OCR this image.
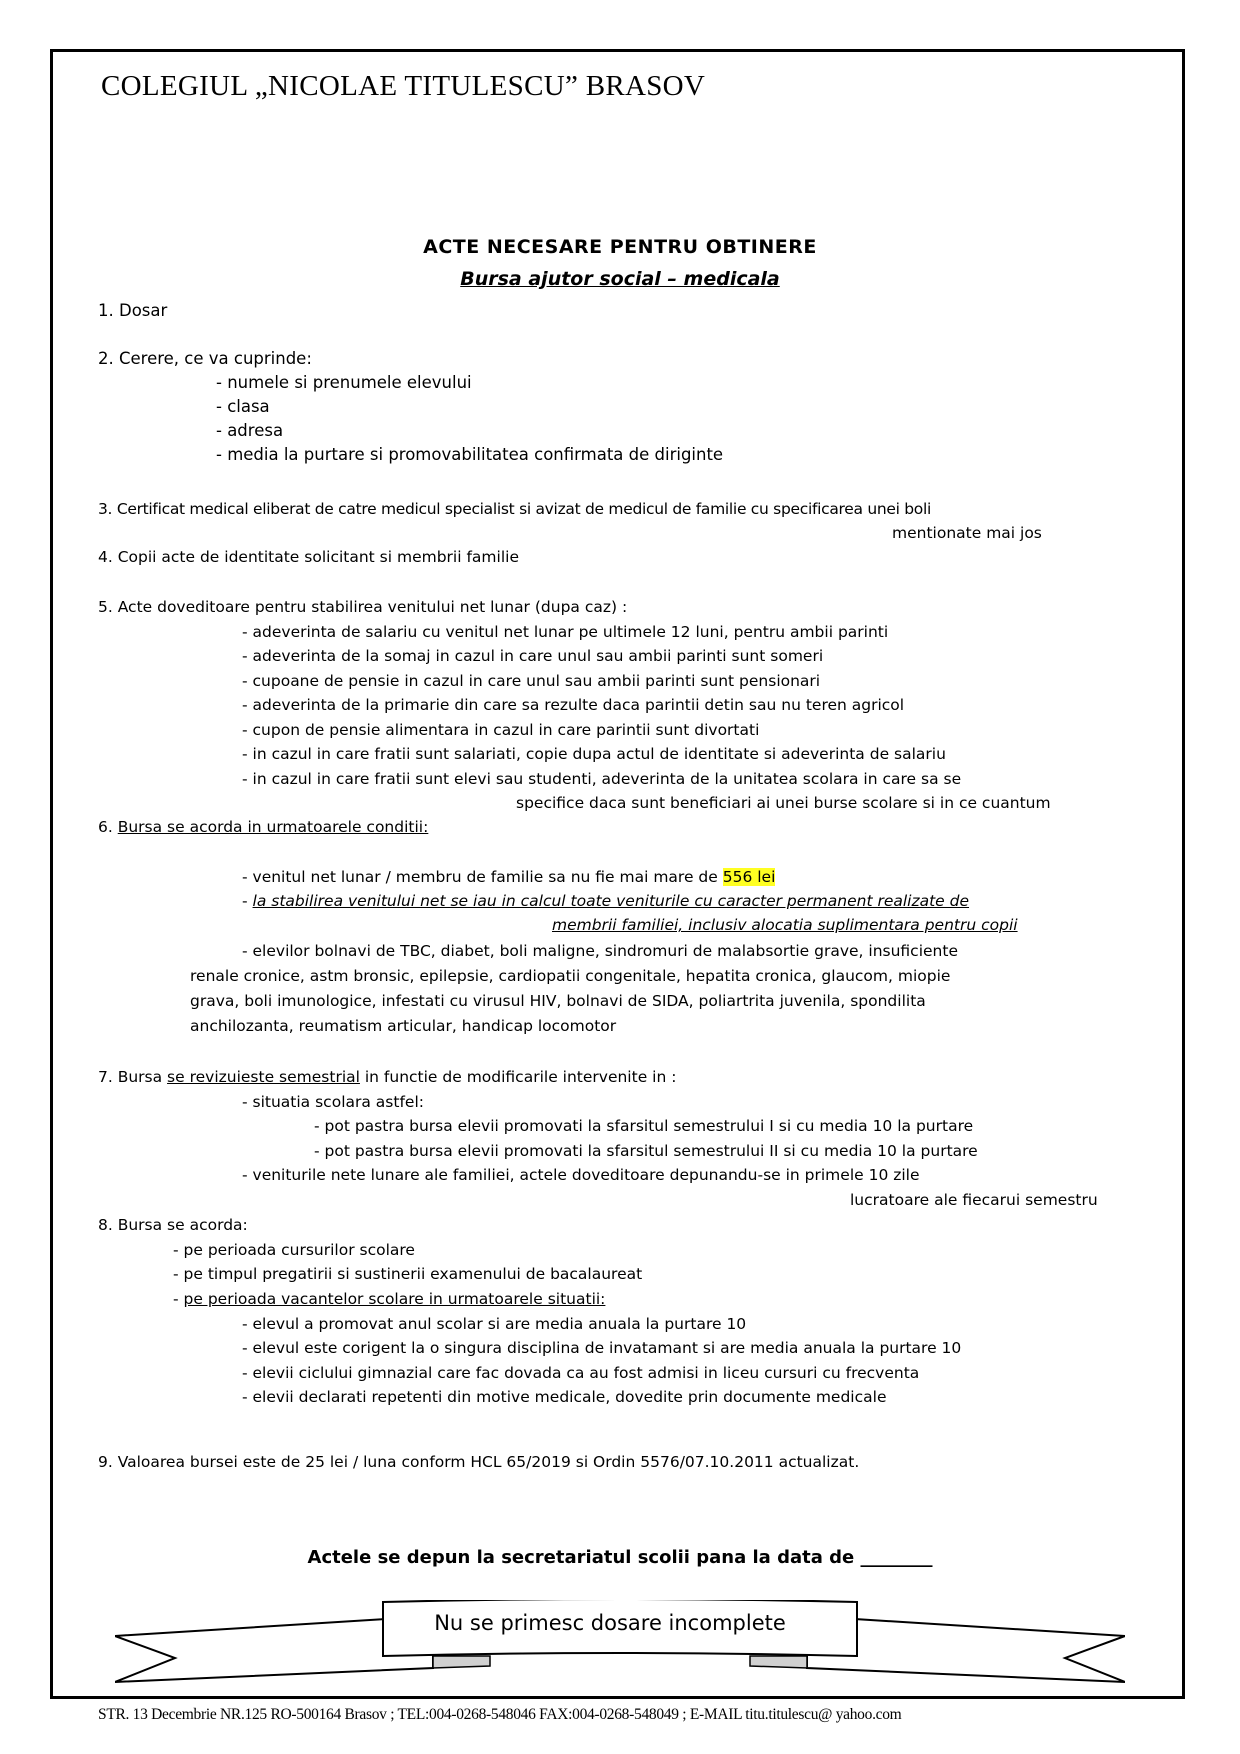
COLEGIUL „NICOLAE TITULESCU” BRASOV
ACTE NECESARE PENTRU OBTINERE
Bursa ajutor social – medicala
1. Dosar
2. Cerere, ce va cuprinde:
- numele si prenumele elevului
- clasa
- adresa
- media la purtare si promovabilitatea confirmata de diriginte
3. Certificat medical eliberat de catre medicul specialist si avizat de medicul de familie cu specificarea unei boli
mentionate mai jos
4. Copii acte de identitate solicitant si membrii familie
5. Acte doveditoare pentru stabilirea venitului net lunar (dupa caz) :
- adeverinta de salariu cu venitul net lunar pe ultimele 12 luni, pentru ambii parinti
- adeverinta de la somaj in cazul in care unul sau ambii parinti sunt someri
- cupoane de pensie in cazul in care unul sau ambii parinti sunt pensionari
- adeverinta de la primarie din care sa rezulte daca parintii detin sau nu teren agricol
- cupon de pensie alimentara in cazul in care parintii sunt divortati
- in cazul in care fratii sunt salariati, copie dupa actul de identitate si adeverinta de salariu
- in cazul in care fratii sunt elevi sau studenti, adeverinta de la unitatea scolara in care sa se
specifice daca sunt beneficiari ai unei burse scolare si in ce cuantum
6. Bursa se acorda in urmatoarele conditii:
- venitul net lunar / membru de familie sa nu fie mai mare de 556 lei
- la stabilirea venitului net se iau in calcul toate veniturile cu caracter permanent realizate de
membrii familiei, inclusiv alocatia suplimentara pentru copii
- elevilor bolnavi de TBC, diabet, boli maligne, sindromuri de malabsortie grave, insuficiente
renale cronice, astm bronsic, epilepsie, cardiopatii congenitale, hepatita cronica, glaucom, miopie
grava, boli imunologice, infestati cu virusul HIV, bolnavi de SIDA, poliartrita juvenila, spondilita
anchilozanta, reumatism articular, handicap locomotor
7. Bursa se revizuieste semestrial in functie de modificarile intervenite in :
- situatia scolara astfel:
- pot pastra bursa elevii promovati la sfarsitul semestrului I si cu media 10 la purtare
- pot pastra bursa elevii promovati la sfarsitul semestrului II si cu media 10 la purtare
- veniturile nete lunare ale familiei, actele doveditoare depunandu-se in primele 10 zile
lucratoare ale fiecarui semestru
8. Bursa se acorda:
- pe perioada cursurilor scolare
- pe timpul pregatirii si sustinerii examenului de bacalaureat
- pe perioada vacantelor scolare in urmatoarele situatii:
- elevul a promovat anul scolar si are media anuala la purtare 10
- elevul este corigent la o singura disciplina de invatamant si are media anuala la purtare 10
- elevii ciclului gimnazial care fac dovada ca au fost admisi in liceu cursuri cu frecventa
- elevii declarati repetenti din motive medicale, dovedite prin documente medicale
9. Valoarea bursei este de 25 lei / luna conform HCL 65/2019 si Ordin 5576/07.10.2011 actualizat.
Actele se depun la secretariatul scolii pana la data de ________
Nu se primesc dosare incomplete
STR. 13 Decembrie NR.125 RO-500164 Brasov ; TEL:004-0268-548046 FAX:004-0268-548049 ; E-MAIL titu.titulescu@ yahoo.com
